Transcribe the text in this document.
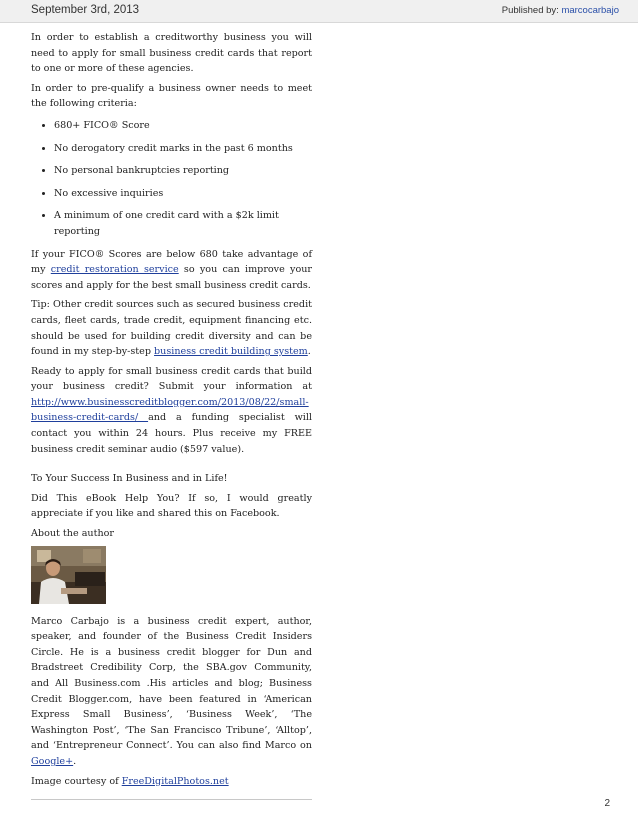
September 3rd, 2013	Published by: marcocarbajo

In order to establish a creditworthy business you will need to apply for small business credit cards that report to one or more of these agencies.

In order to pre-qualify a business owner needs to meet the following criteria:

• 680+ FICO® Score
• No derogatory credit marks in the past 6 months
• No personal bankruptcies reporting
• No excessive inquiries
• A minimum of one credit card with a $2k limit reporting

If your FICO® Scores are below 680 take advantage of my credit restoration service so you can improve your scores and apply for the best small business credit cards.

Tip: Other credit sources such as secured business credit cards, fleet cards, trade credit, equipment financing etc. should be used for building credit diversity and can be found in my step-by-step business credit building system.

Ready to apply for small business credit cards that build your business credit? Submit your information at http://www.businesscreditblogger.com/2013/08/22/small-business-credit-cards/ and a funding specialist will contact you within 24 hours. Plus receive my FREE business credit seminar audio ($597 value).

To Your Success In Business and in Life!

Did This eBook Help You? If so, I would greatly appreciate if you like and shared this on Facebook.

About the author

Marco Carbajo is a business credit expert, author, speaker, and founder of the Business Credit Insiders Circle. He is a business credit blogger for Dun and Bradstreet Credibility Corp, the SBA.gov Community, and All Business.com .His articles and blog; Business Credit Blogger.com, have been featured in ‘American Express Small Business’, ‘Business Week’, ‘The Washington Post’, ‘The San Francisco Tribune’, ‘Alltop’, and ‘Entrepreneur Connect’. You can also find Marco on Google+.

Image courtesy of FreeDigitalPhotos.net

2
